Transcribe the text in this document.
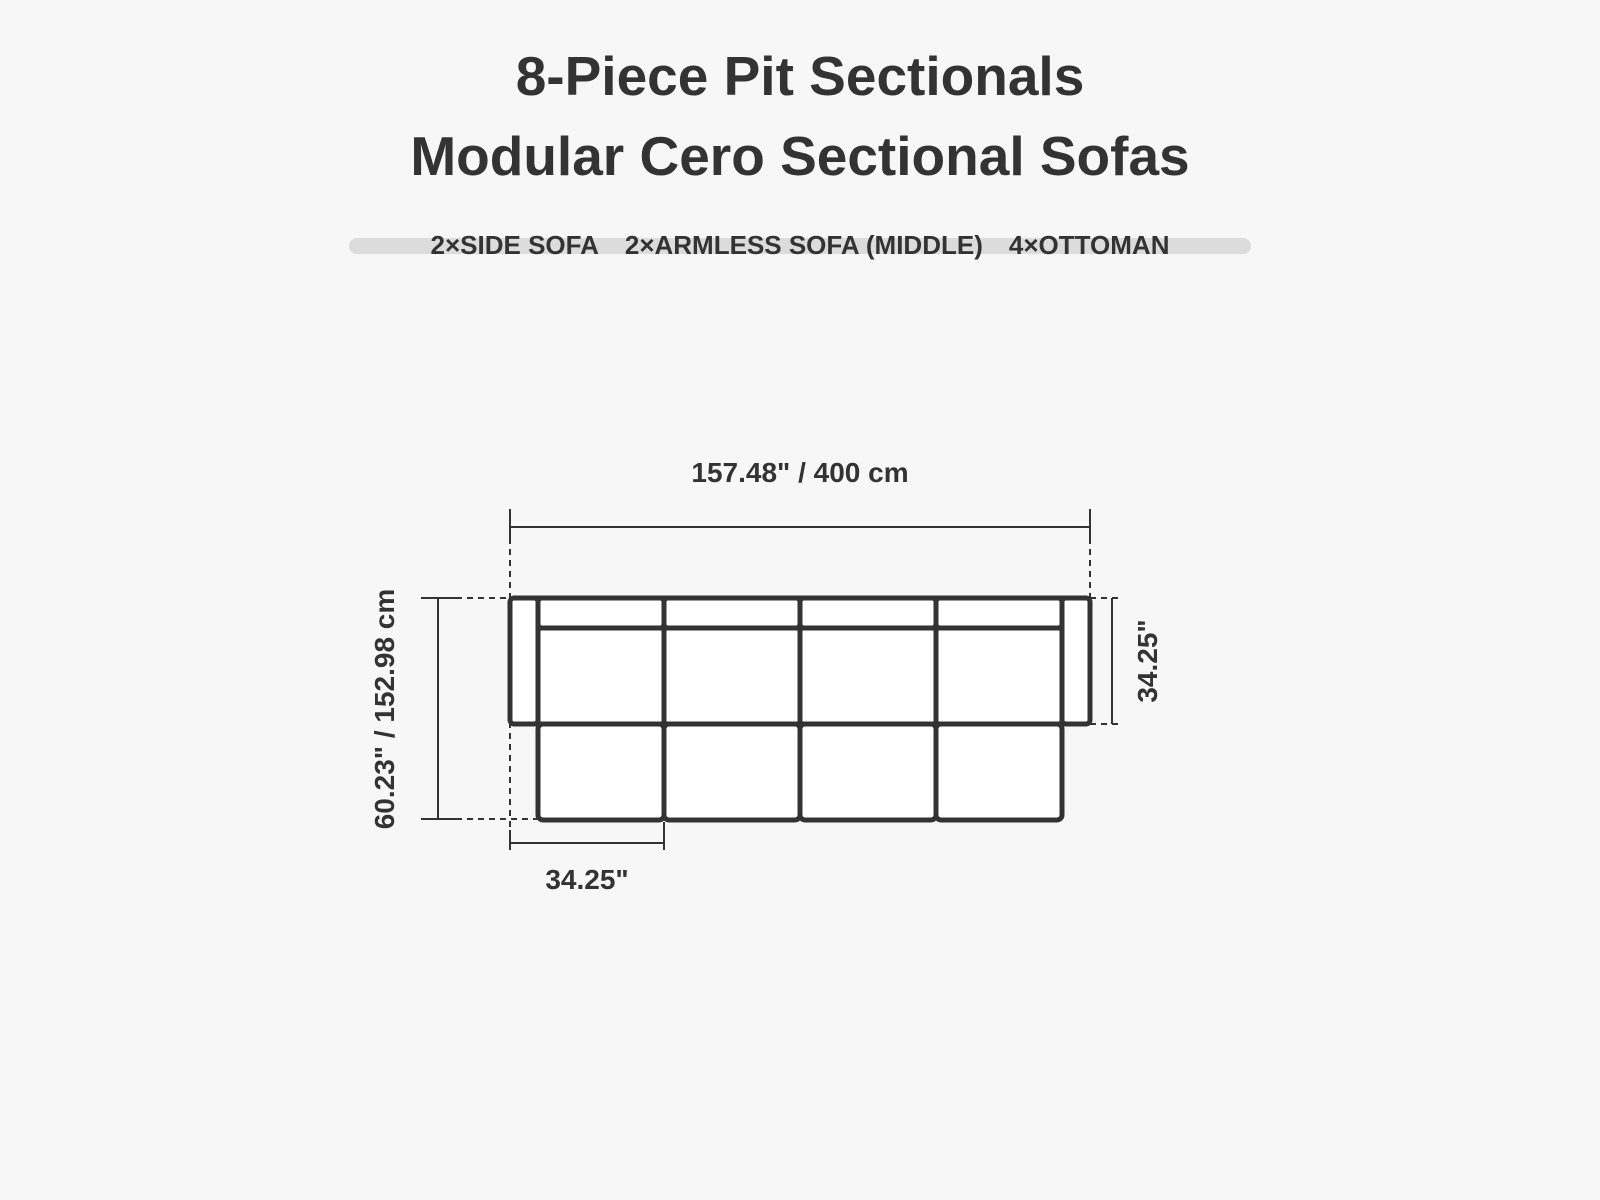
8-Piece Pit Sectionals
Modular Cero Sectional Sofas
2×SIDE SOFA 2×ARMLESS SOFA (MIDDLE) 4×OTTOMAN
157.48" / 400 cm
60.23" / 152.98 cm	34.25"
34.25"
